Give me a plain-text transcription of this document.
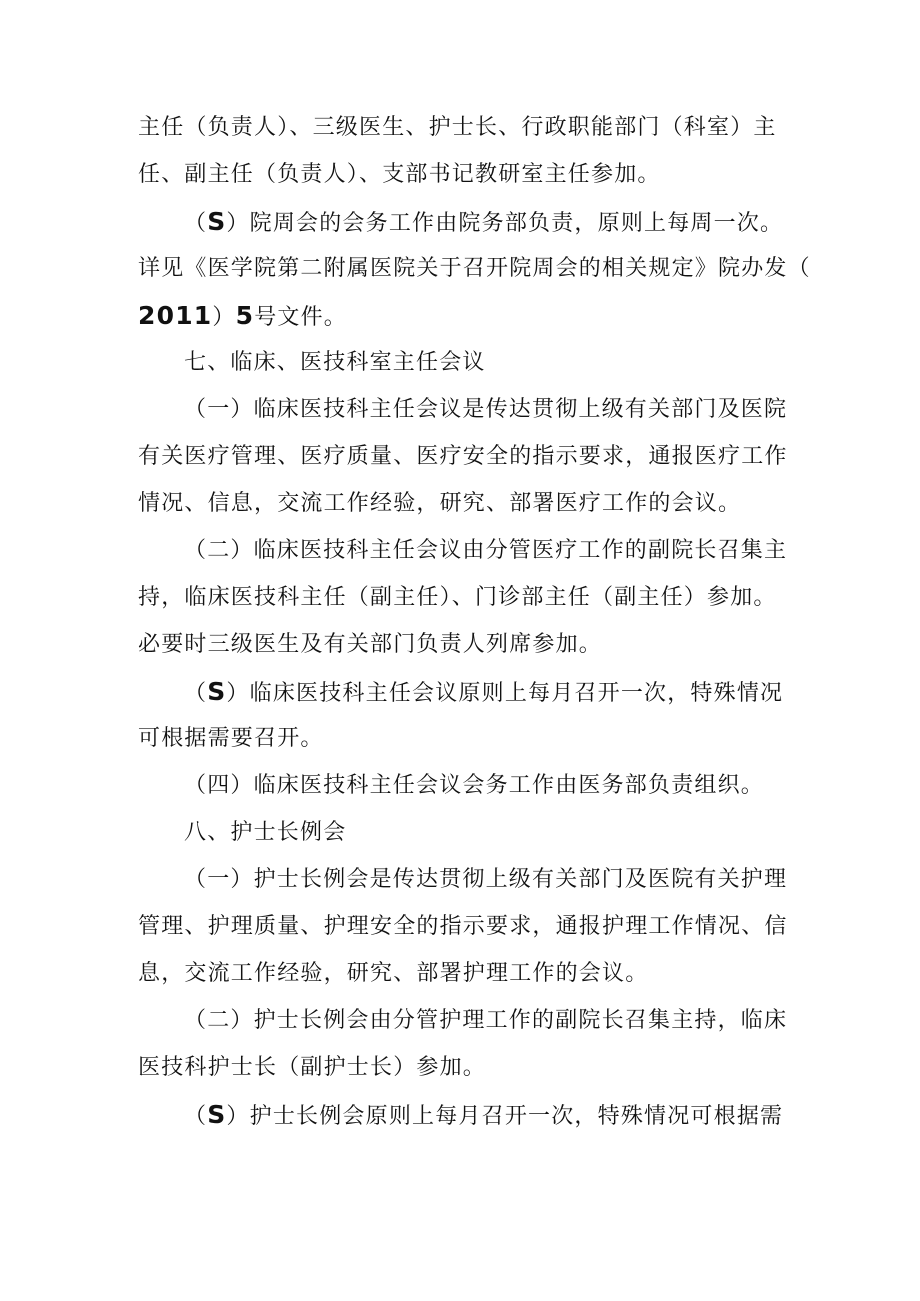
主任（负责人）、三级医生、护士长、行政职能部门（科室）主
任、副主任（负责人）、支部书记教研室主任参加。
（S）院周会的会务工作由院务部负责，原则上每周一次。
详见《医学院第二附属医院关于召开院周会的相关规定》院办发（
2011）5号文件。
七、临床、医技科室主任会议
（一）临床医技科主任会议是传达贯彻上级有关部门及医院
有关医疗管理、医疗质量、医疗安全的指示要求，通报医疗工作
情况、信息，交流工作经验，研究、部署医疗工作的会议。
（二）临床医技科主任会议由分管医疗工作的副院长召集主
持，临床医技科主任（副主任）、门诊部主任（副主任）参加。
必要时三级医生及有关部门负责人列席参加。
（S）临床医技科主任会议原则上每月召开一次，特殊情况
可根据需要召开。
（四）临床医技科主任会议会务工作由医务部负责组织。
八、护士长例会
（一）护士长例会是传达贯彻上级有关部门及医院有关护理
管理、护理质量、护理安全的指示要求，通报护理工作情况、信
息，交流工作经验，研究、部署护理工作的会议。
（二）护士长例会由分管护理工作的副院长召集主持，临床
医技科护士长（副护士长）参加。
（S）护士长例会原则上每月召开一次，特殊情况可根据需
